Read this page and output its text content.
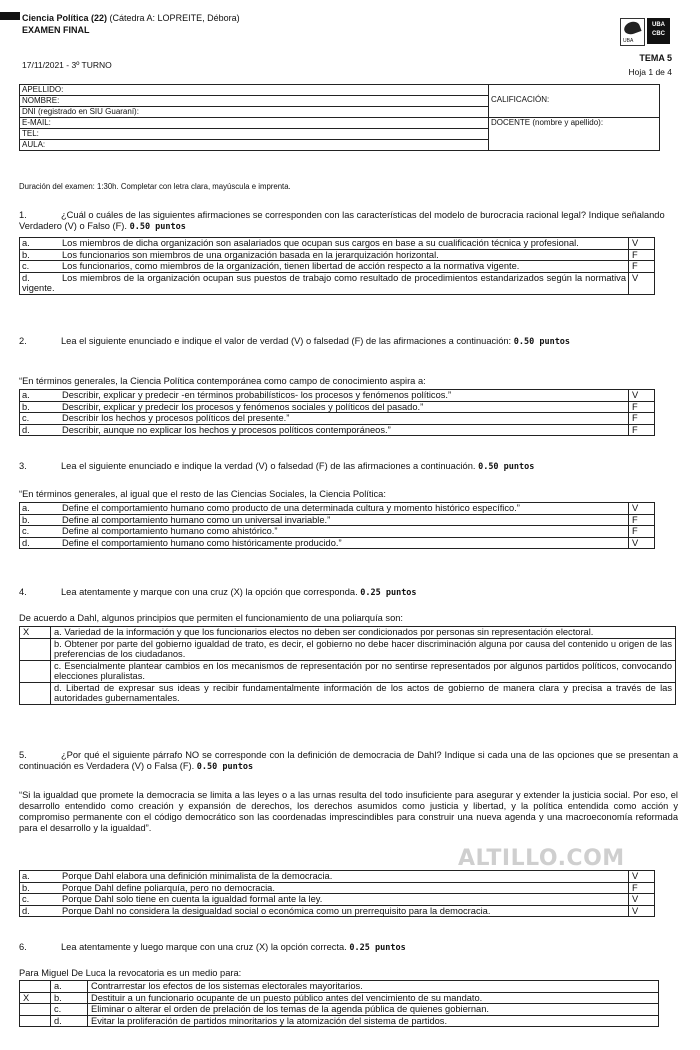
Ciencia Política (22) (Cátedra A: LOPREITE, Débora)
EXAMEN FINAL
UBA
UBA
CBC
17/11/2021 - 3º TURNO
TEMA 5
Hoja 1 de 4
APELLIDO:	CALIFICACIÓN:

NOMBRE:	
DNI (registrado en SIU Guaraní):	
E-MAIL:	DOCENTE (nombre y apellido):
TEL:	
AULA:	
Duración del examen: 1:30h. Completar con letra clara, mayúscula e imprenta.
1.	¿Cuál o cuáles de las siguientes afirmaciones se corresponden con las características del modelo de burocracia racional legal? Indique señalando Verdadero (V) o Falso (F). 0.50 puntos
a. Los miembros de dicha organización son asalariados que ocupan sus cargos en base a su cualificación técnica y profesional.	V
b. Los funcionarios son miembros de una organización basada en la jerarquización horizontal.	F
c. Los funcionarios, como miembros de la organización, tienen libertad de acción respecto a la normativa vigente.	F
d. Los miembros de la organización ocupan sus puestos de trabajo como resultado de procedimientos estandarizados según la normativa vigente.	V
2.	Lea el siguiente enunciado e indique el valor de verdad (V) o falsedad (F) de las afirmaciones a continuación: 0.50 puntos
“En términos generales, la Ciencia Política contemporánea como campo de conocimiento aspira a:
a. Describir, explicar y predecir -en términos probabilísticos- los procesos y fenómenos políticos.”	V
b. Describir, explicar y predecir los procesos y fenómenos sociales y políticos del pasado.”	F
c. Describir los hechos y procesos políticos del presente.”	F
d. Describir, aunque no explicar los hechos y procesos políticos contemporáneos.”	F
3.	Lea el siguiente enunciado e indique la verdad (V) o falsedad (F) de las afirmaciones a continuación. 0.50 puntos
“En términos generales, al igual que el resto de las Ciencias Sociales, la Ciencia Política:
a. Define el comportamiento humano como producto de una determinada cultura y momento histórico específico.”	V
b. Define al comportamiento humano como un universal invariable.”	F
c. Define al comportamiento humano como ahistórico.”	F
d. Define el comportamiento humano como históricamente producido.”	V
4.	Lea atentamente y marque con una cruz (X) la opción que corresponda. 0.25 puntos
De acuerdo a Dahl, algunos principios que permiten el funcionamiento de una poliarquía son:
X	a. Variedad de la información y que los funcionarios electos no deben ser condicionados por personas sin representación electoral.
	b. Obtener por parte del gobierno igualdad de trato, es decir, el gobierno no debe hacer discriminación alguna por causa del contenido u origen de las preferencias de los ciudadanos.
	c. Esencialmente plantear cambios en los mecanismos de representación por no sentirse representados por algunos partidos políticos, convocando elecciones pluralistas.
	d. Libertad de expresar sus ideas y recibir fundamentalmente información de los actos de gobierno de manera clara y precisa a través de las autoridades gubernamentales.
5.	¿Por qué el siguiente párrafo NO se corresponde con la definición de democracia de Dahl? Indique si cada una de las opciones que se presentan a continuación es Verdadera (V) o Falsa (F). 0.50 puntos
“Si la igualdad que promete la democracia se limita a las leyes o a las urnas resulta del todo insuficiente para asegurar y extender la justicia social. Por eso, el desarrollo entendido como creación y expansión de derechos, los derechos asumidos como justicia y libertad, y la política entendida como acción y compromiso permanente con el código democrático son las coordenadas imprescindibles para construir una nueva agenda y una macroeconomía reformada para el desarrollo y la igualdad”.
ALTILLO.COM
a. Porque Dahl elabora una definición minimalista de la democracia.	V
b. Porque Dahl define poliarquía, pero no democracia.	F
c. Porque Dahl solo tiene en cuenta la igualdad formal ante la ley.	V
d. Porque Dahl no considera la desigualdad social o económica como un prerrequisito para la democracia.	V
6.	Lea atentamente y luego marque con una cruz (X) la opción correcta. 0.25 puntos
Para Miguel De Luca la revocatoria es un medio para:
	a.	Contrarrestar los efectos de los sistemas electorales mayoritarios.
X	b.	Destituir a un funcionario ocupante de un puesto público antes del vencimiento de su mandato.
	c.	Eliminar o alterar el orden de prelación de los temas de la agenda pública de quienes gobiernan.
	d.	Evitar la proliferación de partidos minoritarios y la atomización del sistema de partidos.
